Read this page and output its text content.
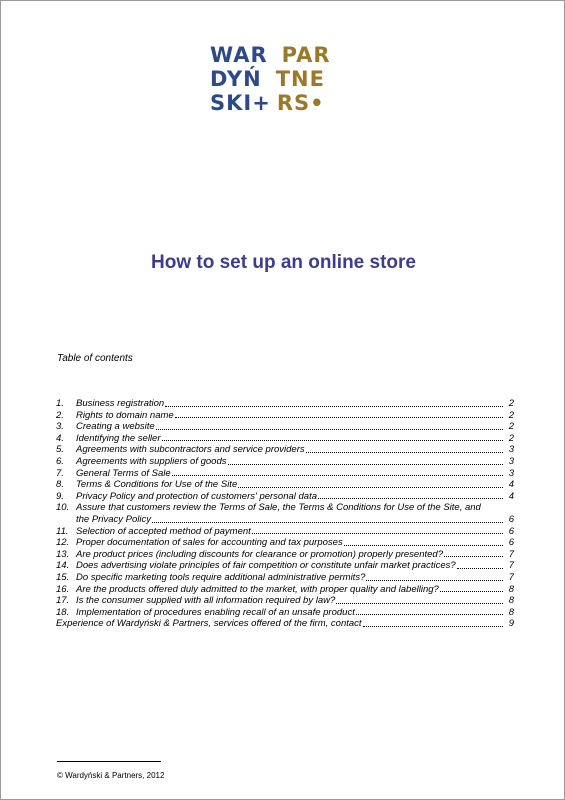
WAR PAR
DYŃ TNE
SKI+ RS•
How to set up an online store
Table of contents
1. Business registration	2
2. Rights to domain name	2
3. Creating a website	2
4. Identifying the seller	2
5. Agreements with subcontractors and service providers	3
6. Agreements with suppliers of goods	3
7. General Terms of Sale	3
8. Terms & Conditions for Use of the Site	4
9. Privacy Policy and protection of customers' personal data	4
10. Assure that customers review the Terms of Sale, the Terms & Conditions for Use of the Site, and
the Privacy Policy	6
11. Selection of accepted method of payment	6
12. Proper documentation of sales for accounting and tax purposes	6
13. Are product prices (including discounts for clearance or promotion) properly presented?	7
14. Does advertising violate principles of fair competition or constitute unfair market practices?	7
15. Do specific marketing tools require additional administrative permits?	7
16. Are the products offered duly admitted to the market, with proper quality and labelling?	8
17. Is the consumer supplied with all information required by law?	8
18. Implementation of procedures enabling recall of an unsafe product	8
Experience of Wardyński & Partners, services offered of the firm, contact	9
© Wardyński & Partners, 2012
